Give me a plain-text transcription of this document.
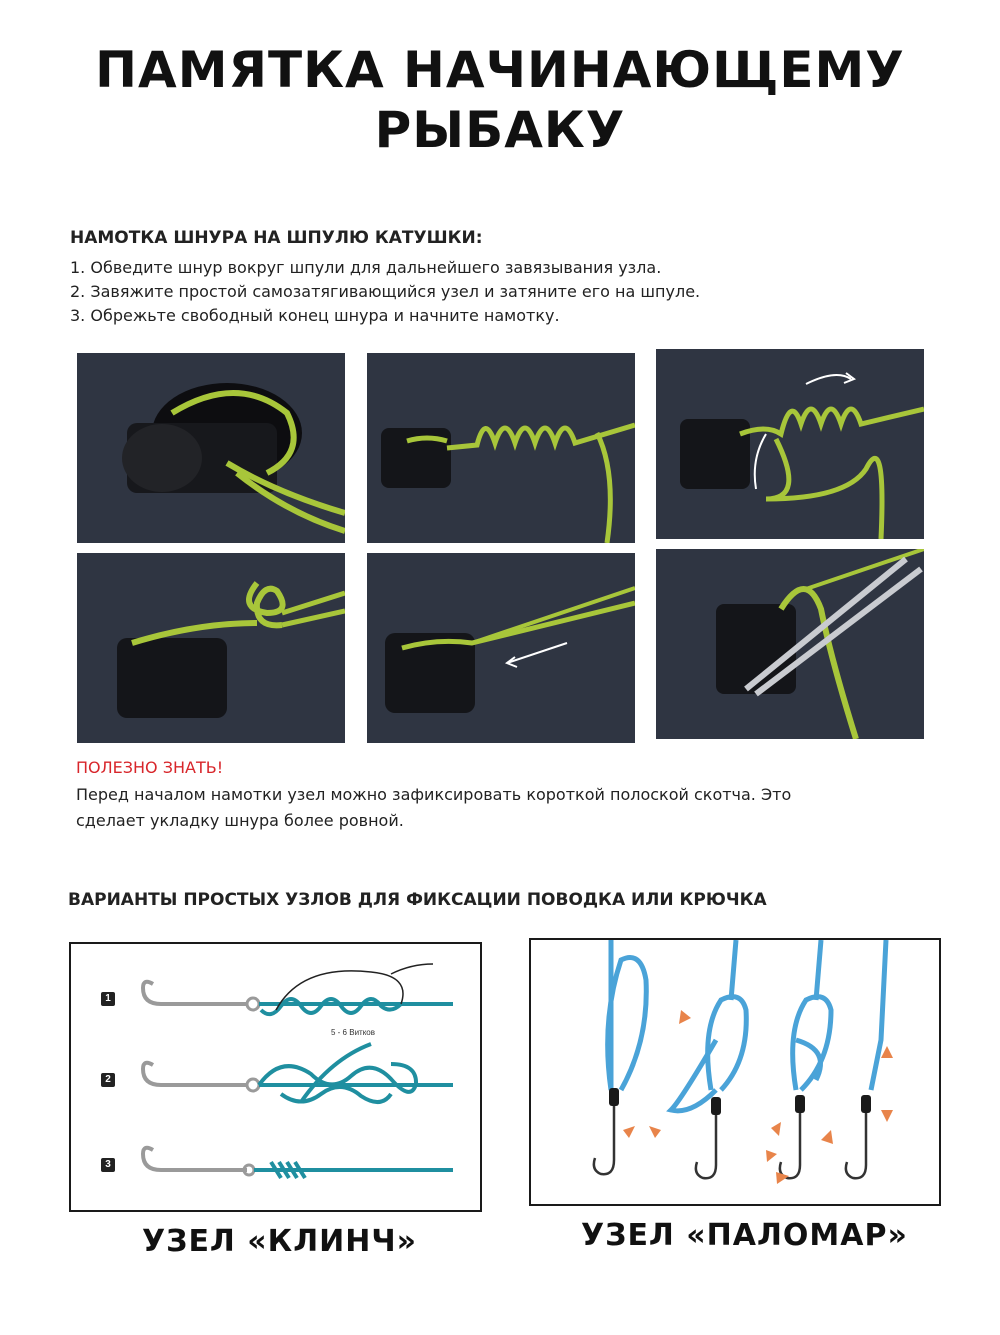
ПАМЯТКА НАЧИНАЮЩЕМУ
РЫБАКУ
НАМОТКА ШНУРА НА ШПУЛЮ КАТУШКИ:
1. Обведите шнур вокруг шпули для дальнейшего завязывания узла.
2. Завяжите простой самозатягивающийся узел и затяните его на шпуле.
3. Обрежьте свободный конец шнура и начните намотку.
ПОЛЕЗНО ЗНАТЬ!
Перед началом намотки узел можно зафиксировать короткой полоской скотча. Это
сделает укладку шнура более ровной.
ВАРИАНТЫ ПРОСТЫХ УЗЛОВ ДЛЯ ФИКСАЦИИ ПОВОДКА ИЛИ КРЮЧКА
1
2
3
5 - 6 Витков
УЗЕЛ «КЛИНЧ»	УЗЕЛ «ПАЛОМАР»
